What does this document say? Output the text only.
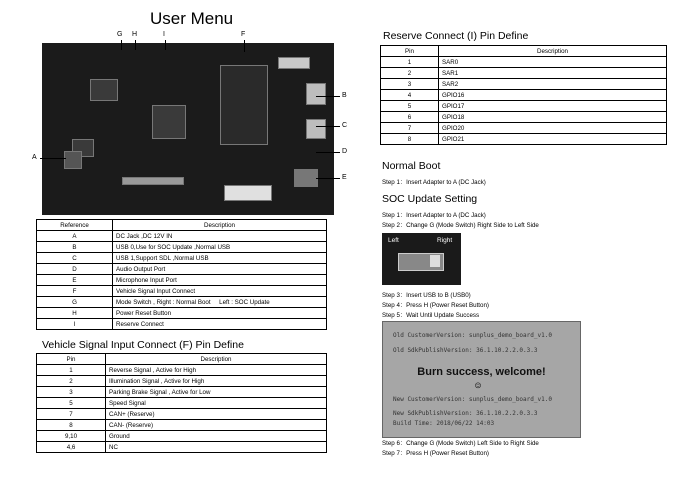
User Menu
G H	I	F
B
C
D
E
A
Reference	Description
A	DC Jack ,DC 12V IN
B	USB 0,Use for SOC Update ,Normal USB
C	USB 1,Support SDL ,Normal USB
D	Audio Output Port
E	Microphone Input Port
F	Vehicle Signal Input Connect
G	Mode Switch , Right : Normal Boot     Left : SOC Update
H	Power Reset Button
I	Reserve Connect
Vehicle Signal Input Connect (F) Pin Define
Pin	Description
1	Reverse Signal , Active for High
2	Illumination Signal , Active for High
3	Parking Brake Signal , Active for Low
5	Speed Signal
7	CAN+ (Reserve)
8	CAN- (Reserve)
9,10	Ground
4,6	NC
Reserve Connect (I) Pin Define
Pin	Description
1	SAR0
2	SAR1
3	SAR2
4	GPIO16
5	GPIO17
6	GPIO18
7	GPIO20
8	GPIO21
Normal Boot
Step 1：Insert Adapter to A (DC Jack)
SOC Update Setting
Step 1：Insert Adapter to A (DC Jack)
Step 2：Change G (Mode Switch) Right Side to Left Side
Left	Right
Step 3：Insert USB to B (USB0)
Step 4：Press H (Power Reset Button)
Step 5：Wait Until Update Success
Old CustomerVersion: sunplus_demo_board_v1.0
Old SdkPublishVersion: 36.1.10.2.2.0.3.3
Burn success, welcome!
☺
New CustomerVersion: sunplus_demo_board_v1.0
New SdkPublishVersion: 36.1.10.2.2.0.3.3
Build Time: 2018/06/22 14:03
Step 6：Change G (Mode Switch) Left Side to Right Side
Step 7：Press H (Power Reset Button)
